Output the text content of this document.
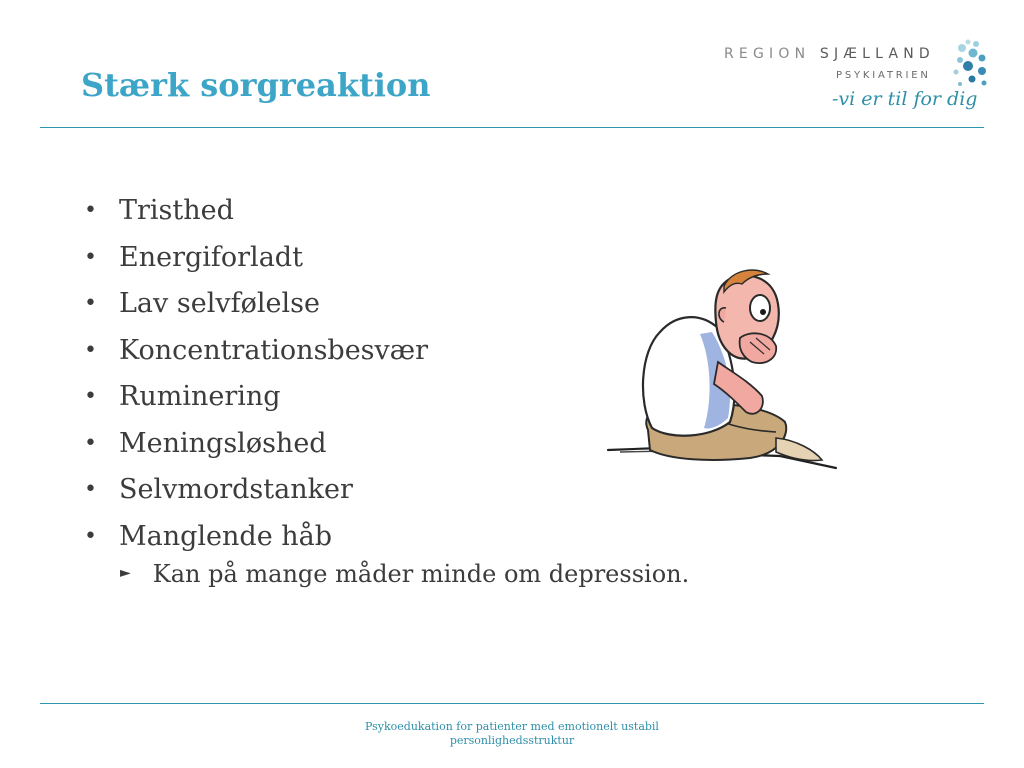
Stærk sorgreaktion
REGION SJÆLLAND
PSYKIATRIEN
-vi er til for dig
• Tristhed
• Energiforladt
• Lav selvfølelse
• Koncentrationsbesvær
• Ruminering
• Meningsløshed
• Selvmordstanker
• Manglende håb
► Kan på mange måder minde om depression.
Psykoedukation for patienter med emotionelt ustabil
personlighedsstruktur
